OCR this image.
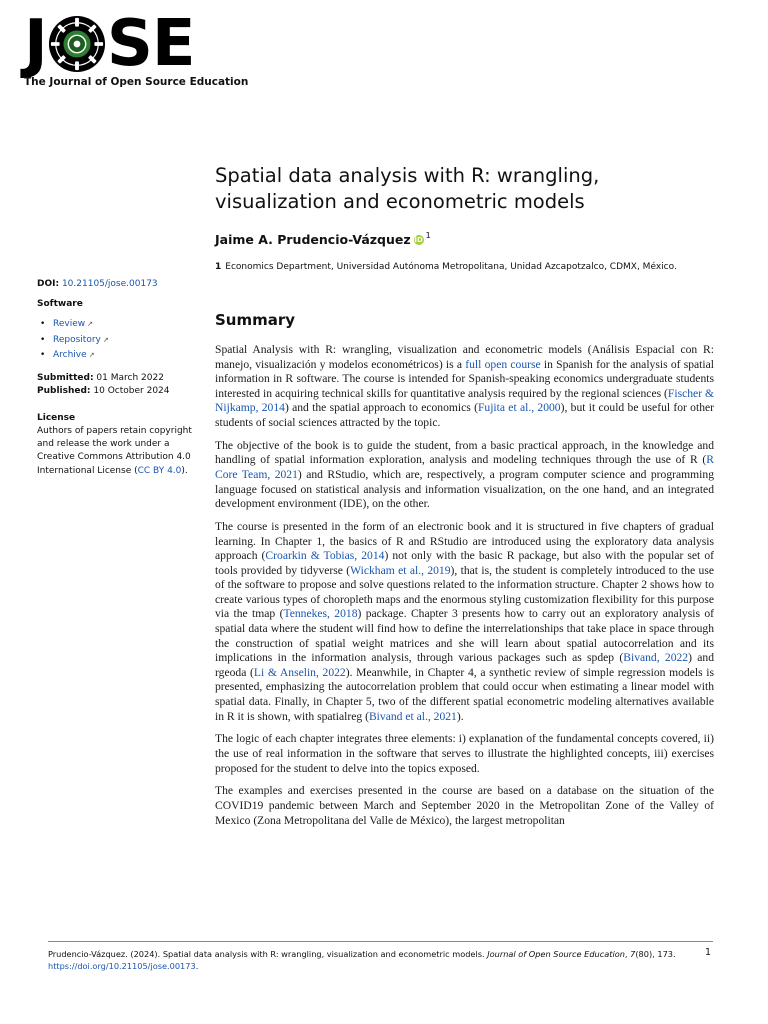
J SE
The Journal of Open Source Education
Spatial data analysis with R: wrangling, visualization and econometric models
Jaime A. Prudencio-Vázquez iD $^1$
1 Economics Department, Universidad Autónoma Metropolitana, Unidad Azcapotzalco, CDMX, México.
DOI: 10.21105/jose.00173
Software
• Review ↗
• Repository ↗
• Archive ↗
Submitted: 01 March 2022
Published: 10 October 2024
License
Authors of papers retain copyright and release the work under a Creative Commons Attribution 4.0 International License (CC BY 4.0).
Summary

Spatial Analysis with R: wrangling, visualization and econometric models (Análisis Espacial con R: manejo, visualización y modelos econométricos) is a full open course in Spanish for the analysis of spatial information in R software. The course is intended for Spanish-speaking economics undergraduate students interested in acquiring technical skills for quantitative analysis required by the regional sciences (Fischer & Nijkamp, 2014) and the spatial approach to economics (Fujita et al., 2000), but it could be useful for other students of social sciences attracted by the topic.

The objective of the book is to guide the student, from a basic practical approach, in the knowledge and handling of spatial information exploration, analysis and modeling techniques through the use of R (R Core Team, 2021) and RStudio, which are, respectively, a program computer science and programming language focused on statistical analysis and information visualization, on the one hand, and an integrated development environment (IDE), on the other.

The course is presented in the form of an electronic book and it is structured in five chapters of gradual learning. In Chapter 1, the basics of R and RStudio are introduced using the exploratory data analysis approach (Croarkin & Tobias, 2014) not only with the basic R package, but also with the popular set of tools provided by tidyverse (Wickham et al., 2019), that is, the student is completely introduced to the use of the software to propose and solve questions related to the information structure. Chapter 2 shows how to create various types of choropleth maps and the enormous styling customization flexibility for this purpose via the tmap (Tennekes, 2018) package. Chapter 3 presents how to carry out an exploratory analysis of spatial data where the student will find how to define the interrelationships that take place in space through the construction of spatial weight matrices and she will learn about spatial autocorrelation and its implications in the information analysis, through various packages such as spdep (Bivand, 2022) and rgeoda (Li & Anselin, 2022). Meanwhile, in Chapter 4, a synthetic review of simple regression models is presented, emphasizing the autocorrelation problem that could occur when estimating a linear model with spatial data. Finally, in Chapter 5, two of the different spatial econometric modeling alternatives available in R it is shown, with spatialreg (Bivand et al., 2021).

The logic of each chapter integrates three elements: i) explanation of the fundamental concepts covered, ii) the use of real information in the software that serves to illustrate the highlighted concepts, iii) exercises proposed for the student to delve into the topics exposed.

The examples and exercises presented in the course are based on a database on the situation of the COVID19 pandemic between March and September 2020 in the Metropolitan Zone of the Valley of Mexico (Zona Metropolitana del Valle de México), the largest metropolitan

Prudencio-Vázquez. (2024). Spatial data analysis with R: wrangling, visualization and econometric models. Journal of Open Source Education, 7(80), 173. https://doi.org/10.21105/jose.00173.
1
